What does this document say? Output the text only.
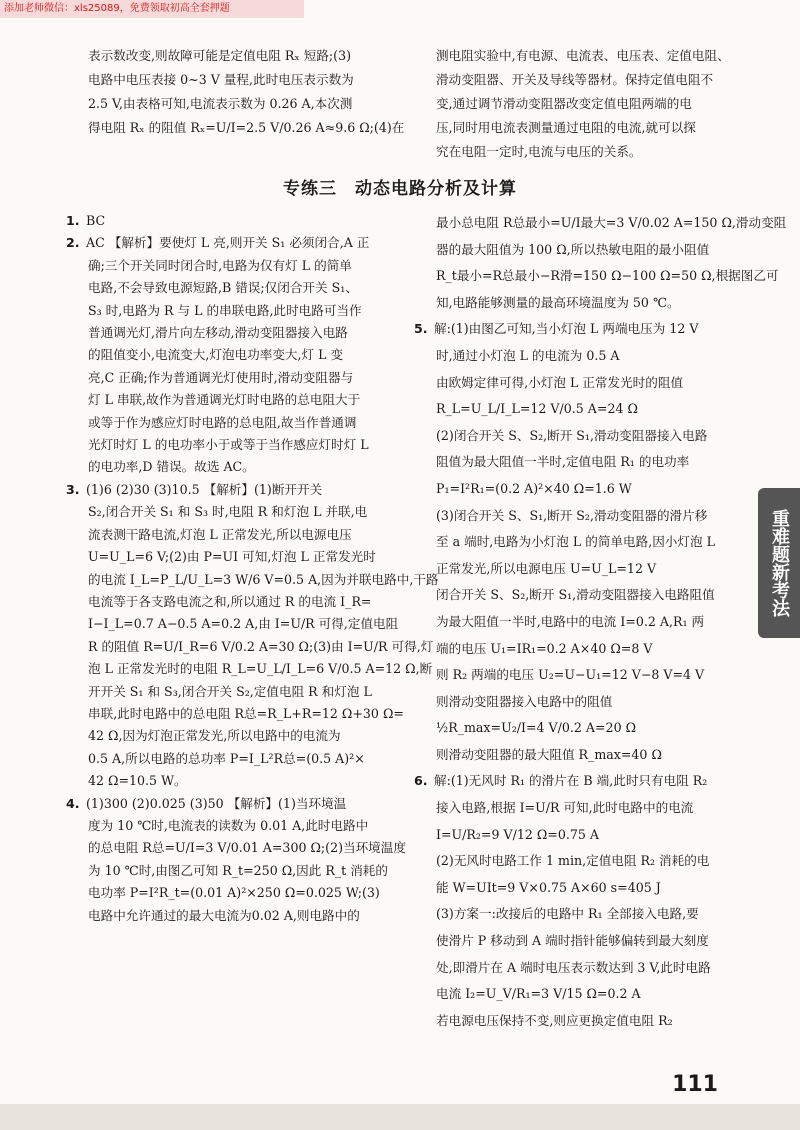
添加老师微信：xls25089，免费领取初高全套押题

表示数改变,则故障可能是定值电阻 Rₓ 短路;(3)

电路中电压表接 0~3 V 量程,此时电压表示数为

2.5 V,由表格可知,电流表示数为 0.26 A,本次测

得电阻 Rₓ 的阻值 Rₓ=U/I=2.5 V/0.26 A≈9.6 Ω;(4)在

测电阻实验中,有电源、电流表、电压表、定值电阻、

滑动变阻器、开关及导线等器材。保持定值电阻不

变,通过调节滑动变阻器改变定值电阻两端的电

压,同时用电流表测量通过电阻的电流,就可以探

究在电阻一定时,电流与电压的关系。

专练三　动态电路分析及计算

1. BC

2. AC 【解析】要使灯 L 亮,则开关 S₁ 必须闭合,A 正

确;三个开关同时闭合时,电路为仅有灯 L 的简单

电路,不会导致电源短路,B 错误;仅闭合开关 S₁、

S₃ 时,电路为 R 与 L 的串联电路,此时电路可当作

普通调光灯,滑片向左移动,滑动变阻器接入电路

的阻值变小,电流变大,灯泡电功率变大,灯 L 变

亮,C 正确;作为普通调光灯使用时,滑动变阻器与

灯 L 串联,故作为普通调光灯时电路的总电阻大于

或等于作为感应灯时电路的总电阻,故当作普通调

光灯时灯 L 的电功率小于或等于当作感应灯时灯 L

的电功率,D 错误。故选 AC。

3. (1)6 (2)30 (3)10.5 【解析】(1)断开开关

S₂,闭合开关 S₁ 和 S₃ 时,电阻 R 和灯泡 L 并联,电

流表测干路电流,灯泡 L 正常发光,所以电源电压

U=U_L=6 V;(2)由 P=UI 可知,灯泡 L 正常发光时

的电流 I_L=P_L/U_L=3 W/6 V=0.5 A,因为并联电路中,干路

电流等于各支路电流之和,所以通过 R 的电流 I_R=

I−I_L=0.7 A−0.5 A=0.2 A,由 I=U/R 可得,定值电阻

R 的阻值 R=U/I_R=6 V/0.2 A=30 Ω;(3)由 I=U/R 可得,灯

泡 L 正常发光时的电阻 R_L=U_L/I_L=6 V/0.5 A=12 Ω,断

开开关 S₁ 和 S₃,闭合开关 S₂,定值电阻 R 和灯泡 L

串联,此时电路中的总电阻 R总=R_L+R=12 Ω+30 Ω=

42 Ω,因为灯泡正常发光,所以电路中的电流为

0.5 A,所以电路的总功率 P=I_L²R总=(0.5 A)²×

42 Ω=10.5 W。

4. (1)300 (2)0.025 (3)50 【解析】(1)当环境温

度为 10 ℃时,电流表的读数为 0.01 A,此时电路中

的总电阻 R总=U/I=3 V/0.01 A=300 Ω;(2)当环境温度

为 10 ℃时,由图乙可知 R_t=250 Ω,因此 R_t 消耗的

电功率 P=I²R_t=(0.01 A)²×250 Ω=0.025 W;(3)

电路中允许通过的最大电流为0.02 A,则电路中的

最小总电阻 R总最小=U/I最大=3 V/0.02 A=150 Ω,滑动变阻

器的最大阻值为 100 Ω,所以热敏电阻的最小阻值

R_t最小=R总最小−R滑=150 Ω−100 Ω=50 Ω,根据图乙可

知,电路能够测量的最高环境温度为 50 ℃。

5. 解:(1)由图乙可知,当小灯泡 L 两端电压为 12 V

时,通过小灯泡 L 的电流为 0.5 A

由欧姆定律可得,小灯泡 L 正常发光时的阻值

R_L=U_L/I_L=12 V/0.5 A=24 Ω

(2)闭合开关 S、S₂,断开 S₁,滑动变阻器接入电路

阻值为最大阻值一半时,定值电阻 R₁ 的电功率

P₁=I²R₁=(0.2 A)²×40 Ω=1.6 W

(3)闭合开关 S、S₁,断开 S₂,滑动变阻器的滑片移

至 a 端时,电路为小灯泡 L 的简单电路,因小灯泡 L

正常发光,所以电源电压 U=U_L=12 V

闭合开关 S、S₂,断开 S₁,滑动变阻器接入电路阻值

为最大阻值一半时,电路中的电流 I=0.2 A,R₁ 两

端的电压 U₁=IR₁=0.2 A×40 Ω=8 V

则 R₂ 两端的电压 U₂=U−U₁=12 V−8 V=4 V

则滑动变阻器接入电路中的阻值

½R_max=U₂/I=4 V/0.2 A=20 Ω

则滑动变阻器的最大阻值 R_max=40 Ω

6. 解:(1)无风时 R₁ 的滑片在 B 端,此时只有电阻 R₂

接入电路,根据 I=U/R 可知,此时电路中的电流

I=U/R₂=9 V/12 Ω=0.75 A

(2)无风时电路工作 1 min,定值电阻 R₂ 消耗的电

能 W=UIt=9 V×0.75 A×60 s=405 J

(3)方案一:改接后的电路中 R₁ 全部接入电路,要

使滑片 P 移动到 A 端时指针能够偏转到最大刻度

处,即滑片在 A 端时电压表示数达到 3 V,此时电路

电流 I₂=U_V/R₁=3 V/15 Ω=0.2 A

若电源电压保持不变,则应更换定值电阻 R₂

重难题新考法
111
